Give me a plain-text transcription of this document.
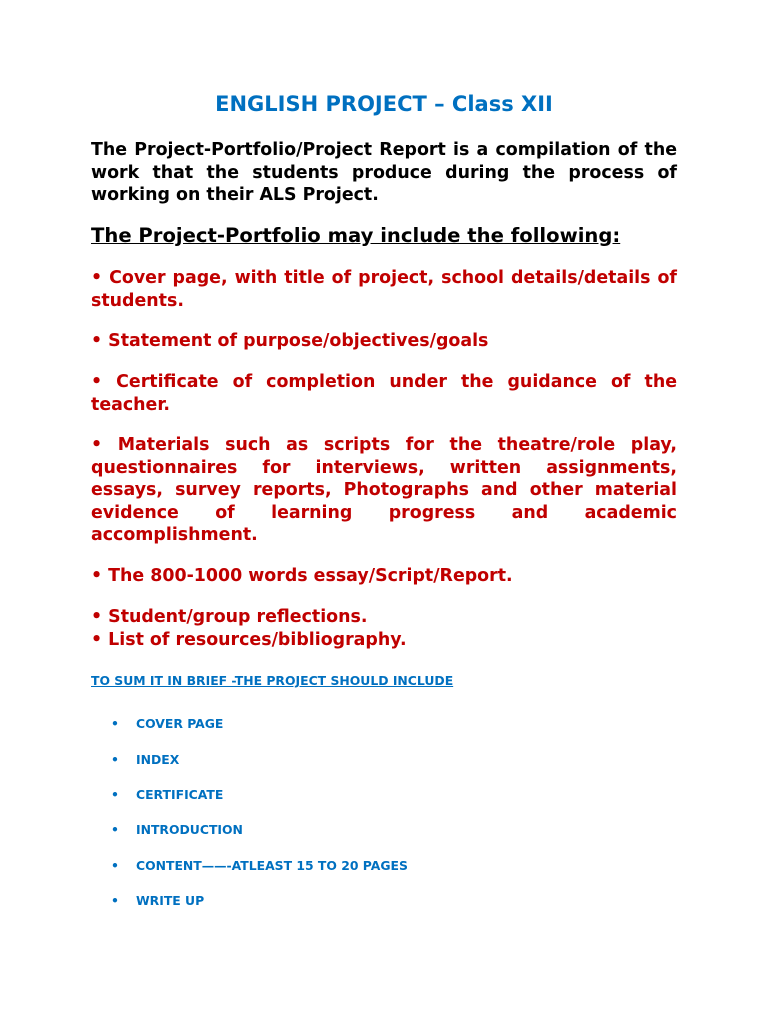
ENGLISH PROJECT – Class XII

The Project-Portfolio/Project Report is a compilation of the work that the students produce during the process of working on their ALS Project.

The Project-Portfolio may include the following:

• Cover page, with title of project, school details/details of students.

• Statement of purpose/objectives/goals

• Certificate of completion under the guidance of the teacher.

• Materials such as scripts for the theatre/role play, questionnaires for interviews, written assignments, essays, survey reports, Photographs and other material evidence of learning progress and academic accomplishment.

• The 800-1000 words essay/Script/Report.

• Student/group reflections.

• List of resources/bibliography.

TO SUM IT IN BRIEF -THE PROJECT SHOULD INCLUDE

• COVER PAGE
• INDEX
• CERTIFICATE
• INTRODUCTION
• CONTENT——-ATLEAST 15 TO 20 PAGES
• WRITE UP
